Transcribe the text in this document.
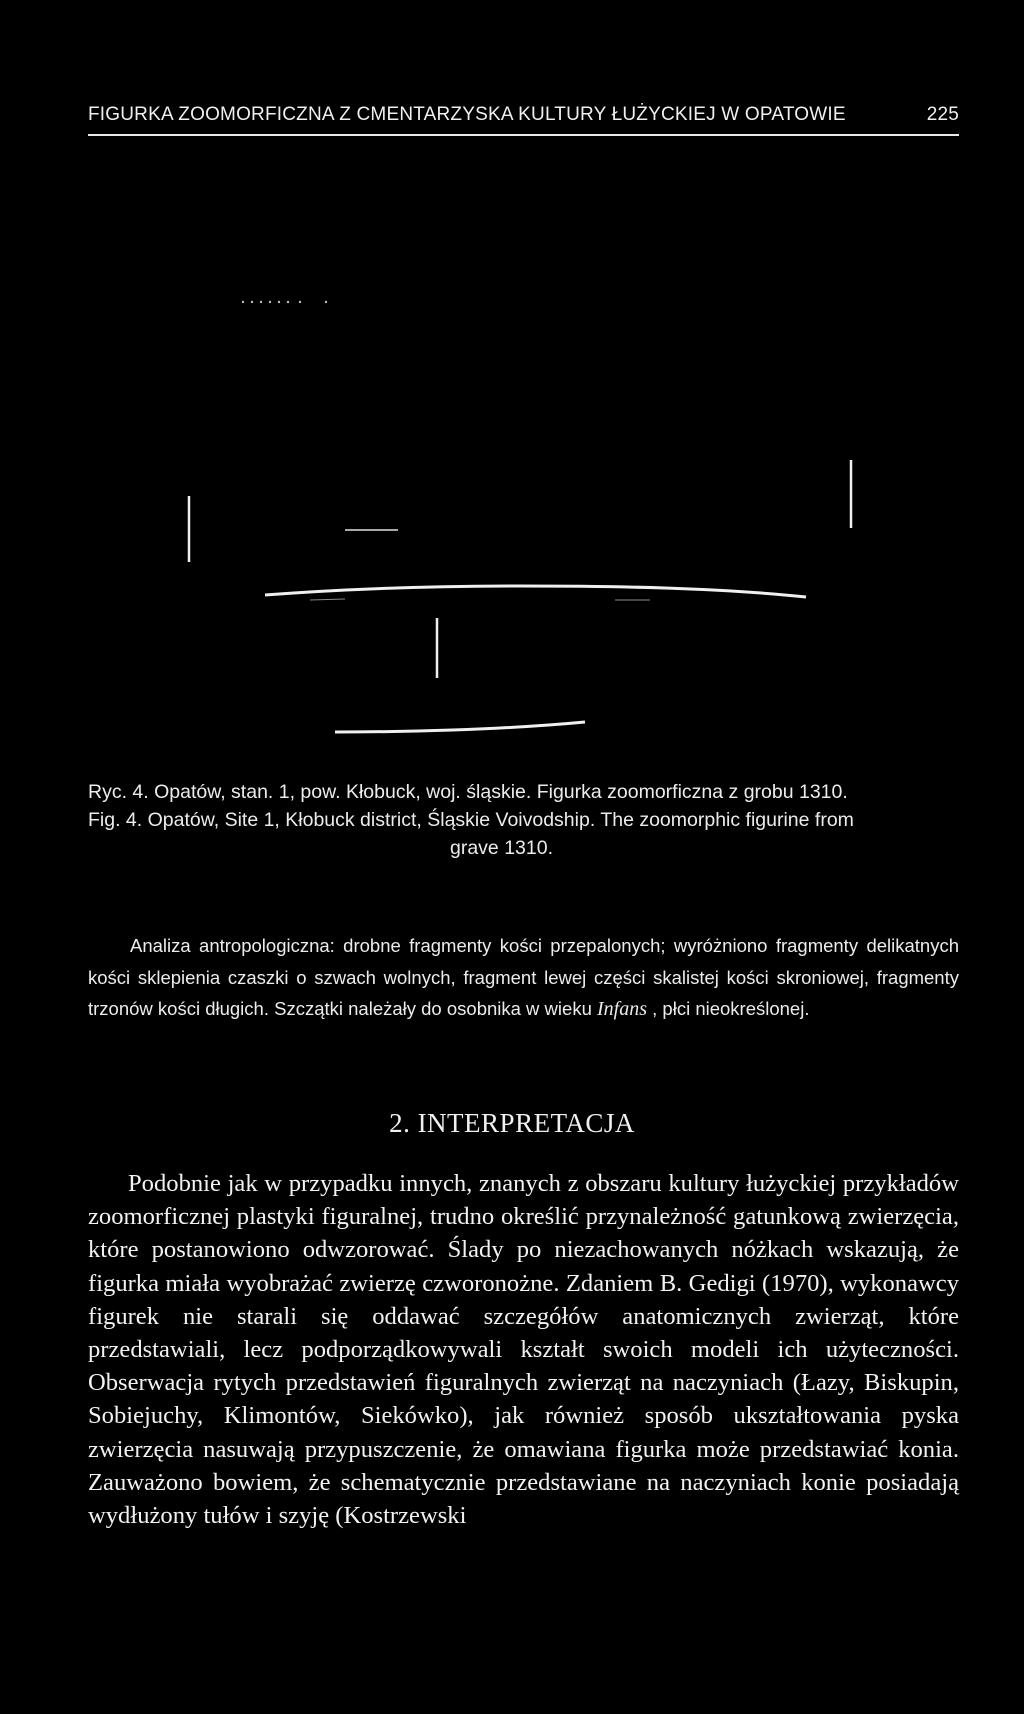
FIGURKA ZOOMORFICZNA Z CMENTARZYSKA KULTURY ŁUŻYCKIEJ W OPATOWIE	225
Ryc. 4. Opatów, stan. 1, pow. Kłobuck, woj. śląskie. Figurka zoomorficzna z grobu 1310.
Fig. 4. Opatów, Site 1, Kłobuck district, Śląskie Voivodship. The zoomorphic figurine from
grave 1310.
Analiza antropologiczna: drobne fragmenty kości przepalonych; wyróżniono fragmenty delikatnych kości sklepienia czaszki o szwach wolnych, fragment lewej części skalistej kości skroniowej, fragmenty trzonów kości długich. Szczątki należały do osobnika w wieku Infans , płci nieokreślonej.
2. INTERPRETACJA
Podobnie jak w przypadku innych, znanych z obszaru kultury łużyckiej przykładów zoomorficznej plastyki figuralnej, trudno określić przynależność gatunkową zwierzęcia, które postanowiono odwzorować. Ślady po niezachowanych nóżkach wskazują, że figurka miała wyobrażać zwierzę czworonożne. Zdaniem B. Gedigi (1970), wykonawcy figurek nie starali się oddawać szczegółów anatomicznych zwierząt, które przedstawiali, lecz podporządkowywali kształt swoich modeli ich użyteczności. Obserwacja rytych przedstawień figuralnych zwierząt na naczyniach (Łazy, Biskupin, Sobiejuchy, Klimontów, Siekówko), jak również sposób ukształtowania pyska zwierzęcia nasuwają przypuszczenie, że omawiana figurka może przedstawiać konia. Zauważono bowiem, że schematycznie przedstawiane na naczyniach konie posiadają wydłużony tułów i szyję (Kostrzewski
